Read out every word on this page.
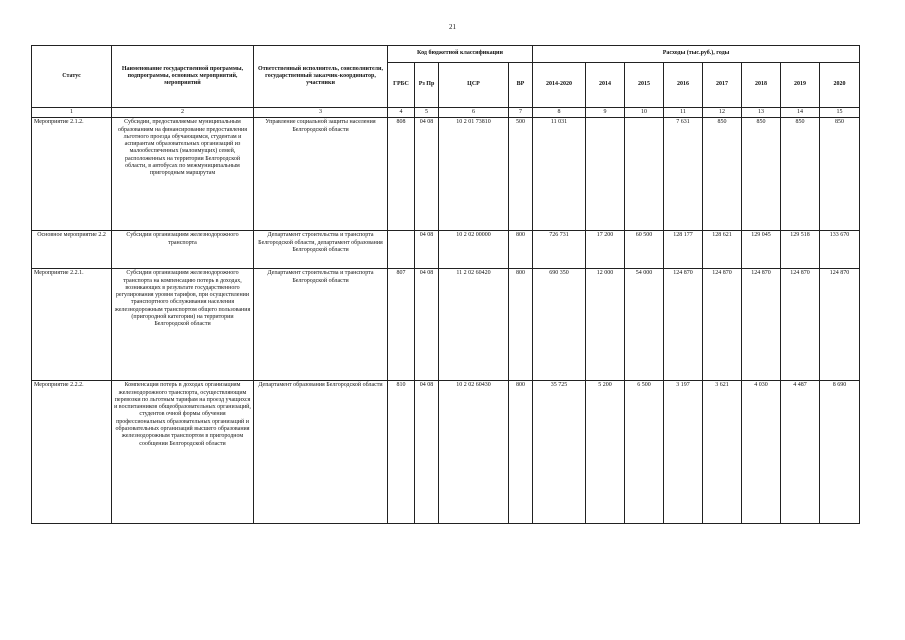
21
Статус	Наименование государственной программы, подпрограммы, основных мероприятий, мероприятий	Ответственный исполнитель, соисполнители, государственный заказчик-координатор, участники	Код бюджетной классификации				Расходы (тыс.руб.), годы							
			ГРБС	Рз Пр	ЦСР	ВР	2014-2020	2014	2015	2016	2017	2018	2019	2020
1	2	3	4	5	6	7	8	9	10	11	12	13	14	15
Мероприятие 2.1.2.	Субсидии, предоставляемые муниципальным образованиям на финансирование предоставления льготного проезда обучающимся, студентам и аспирантам образовательных организаций из малообеспеченных (малоимущих) семей, расположенных на территории Белгородской области, в автобусах по межмуниципальным пригородным маршрутам	Управление социальной защиты населения Белгородской области	808	04 08	10 2 01 73810	500	11 031			7 631	850	850	850	850
Основное мероприятие 2.2	Субсидии организациям железнодорожного транспорта	Департамент строительства и транспорта Белгородской области, департамент образования Белгородской области		04 08	10 2 02 00000	800	726 731	17 200	60 500	128 177	128 621	129 045	129 518	133 670
Мероприятие 2.2.1.	Субсидии организациям железнодорожного транспорта на компенсацию потерь в доходах, возникающих в результате государственного регулирования уровня тарифов, при осуществлении транспортного обслуживания населения железнодорожным транспортом общего пользования (пригородной категории) на территории Белгородской области	Департамент строительства и транспорта Белгородской области	807	04 08	11 2 02 60420	800	690 350	12 000	54 000	124 870	124 870	124 870	124 870	124 870
Мероприятие 2.2.2.	Компенсация потерь в доходах организациям железнодорожного транспорта, осуществляющим перевозки по льготным тарифам на проезд учащихся и воспитанников общеобразовательных организаций, студентов очной формы обучения профессиональных образовательных организаций и образовательных организаций высшего образования железнодорожным транспортом в пригородном сообщении Белгородской области	Департамент образования Белгородской области	810	04 08	10 2 02 60430	800	35 725	5 200	6 500	3 197	3 621	4 030	4 487	8 690
